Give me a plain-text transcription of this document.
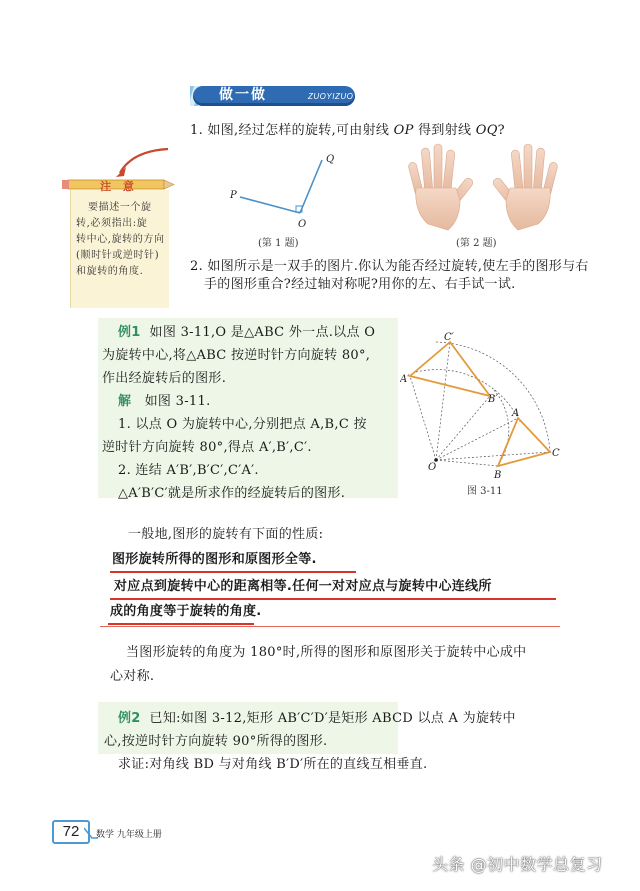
做一做	ZUOYIZUO
1. 如图,经过怎样的旋转,可由射线 OP 得到射线 OQ?
P
O
Q
(第 1 题)	(第 2 题)
2. 如图所示是一双手的图片.你认为能否经过旋转,使左手的图形与右
手的图形重合?经过轴对称呢?用你的左、右手试一试.
注 意
要描述一个旋
转,必须指出:旋
转中心,旋转的方向
(顺时针或逆时针)
和旋转的角度.
例1 如图 3-11,O 是△ABC 外一点.以点 O
为旋转中心,将△ABC 按逆时针方向旋转 80°,
作出经旋转后的图形.
解 如图 3-11.
1. 以点 O 为旋转中心,分别把点 A,B,C 按
逆时针方向旋转 80°,得点 A′,B′,C′.
2. 连结 A′B′,B′C′,C′A′.
△A′B′C′就是所求作的经旋转后的图形.
C′
A′
B′
A
C
O
B
图 3-11
一般地,图形的旋转有下面的性质:
图形旋转所得的图形和原图形全等.
对应点到旋转中心的距离相等.任何一对对应点与旋转中心连线所
成的角度等于旋转的角度.
当图形旋转的角度为 180°时,所得的图形和原图形关于旋转中心成中
心对称.
例2 已知:如图 3-12,矩形 AB′C′D′是矩形 ABCD 以点 A 为旋转中
心,按逆时针方向旋转 90°所得的图形.
求证:对角线 BD 与对角线 B′D′所在的直线互相垂直.
72	数学 九年级上册
头条 @初中数学总复习
